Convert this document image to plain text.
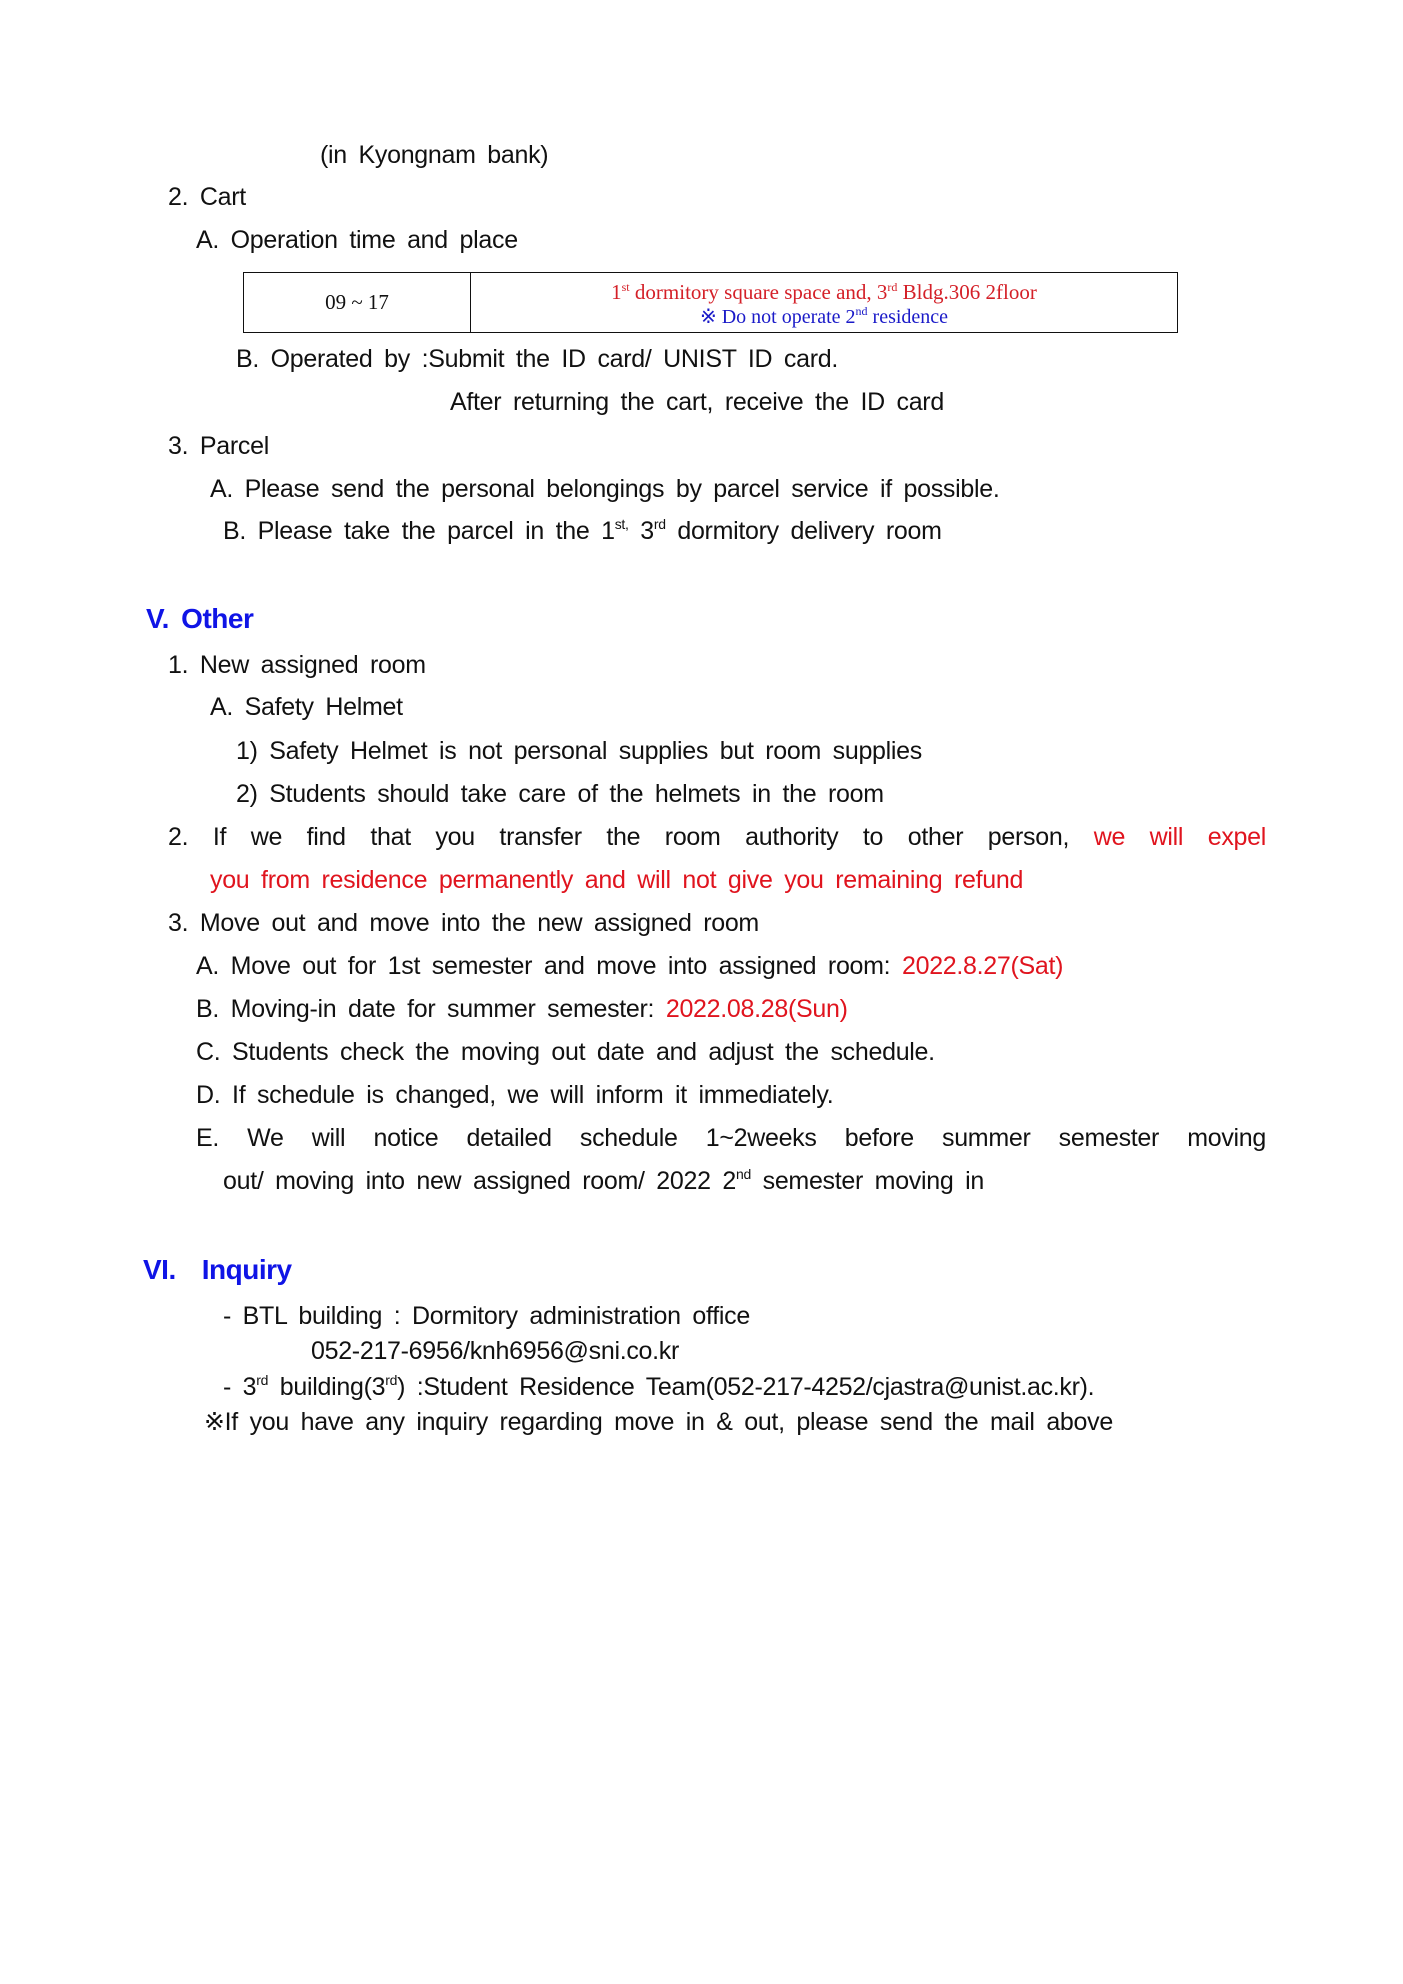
(in Kyongnam bank)
2. Cart
A. Operation time and place
09 ~ 17	1st dormitory square space and, 3rd Bldg.306 2floor
※ Do not operate 2nd residence
B. Operated by :Submit the ID card/ UNIST ID card.
After returning the cart, receive the ID card
3. Parcel
A. Please send the personal belongings by parcel service if possible.
B. Please take the parcel in the $1^{st,}$ 3rd dormitory delivery room
V. Other
1. New assigned room
A. Safety Helmet
1) Safety Helmet is not personal supplies but room supplies
2) Students should take care of the helmets in the room
2. If we find that you transfer the room authority to other person, we will expel
you from residence permanently and will not give you remaining refund
3. Move out and move into the new assigned room
A. Move out for 1st semester and move into assigned room: 2022.8.27(Sat)
B. Moving-in date for summer semester: 2022.08.28(Sun)
C. Students check the moving out date and adjust the schedule.
D. If schedule is changed, we will inform it immediately.
E. We will notice detailed schedule 1~2weeks before summer semester moving
out/ moving into new assigned room/ 2022 2nd semester moving in
VI. Inquiry
- BTL building : Dormitory administration office
052-217-6956/knh6956@sni.co.kr
- 3rd building(3rd) :Student Residence Team(052-217-4252/cjastra@unist.ac.kr).
※If you have any inquiry regarding move in & out, please send the mail above
